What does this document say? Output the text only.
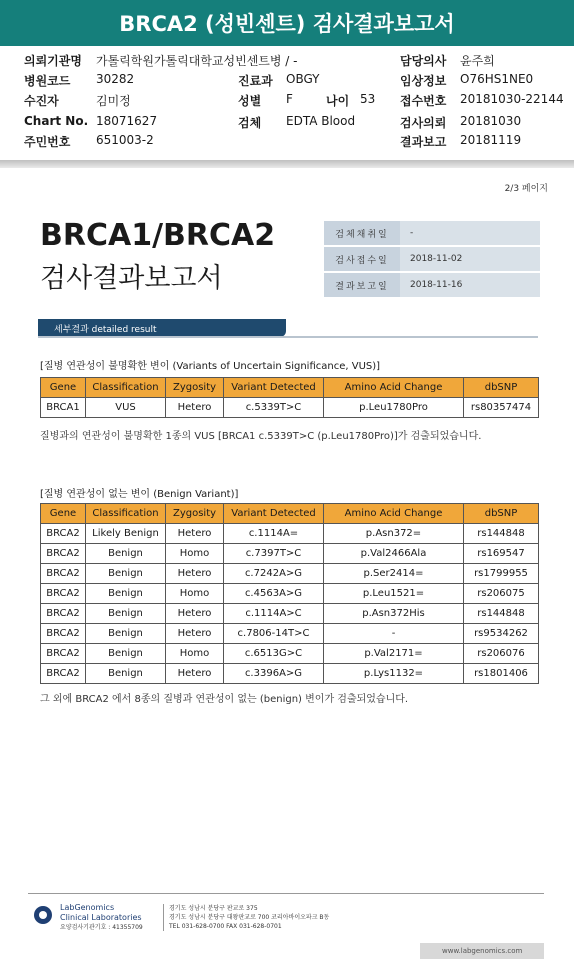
BRCA2 (성빈센트) 검사결과보고서
의뢰기관명 가톨릭학원가톨릭대학교성빈센트병 / -	담당의사 윤주희
병원코드 30282	진료과 OBGY	임상정보 O76HS1NE0
수진자	김미정	성별 F	나이 53 접수번호 20181030-22144
Chart No. 18071627	검체 EDTA Blood	검사의뢰 20181030
주민번호 651003-2	결과보고 20181119
2/3 페이지
BRCA1/BRCA2
검사결과보고서
검체채취일	-
검사접수일	2018-11-02
결과보고일	2018-11-16
세부결과 detailed result
[질병 연관성이 불명확한 변이 (Variants of Uncertain Significance, VUS)]
Gene	Classification	Zygosity	Variant Detected	Amino Acid Change	dbSNP
BRCA1	VUS	Hetero	c.5339T>C	p.Leu1780Pro	rs80357474
질병과의 연관성이 불명확한 1종의 VUS [BRCA1 c.5339T>C (p.Leu1780Pro)]가 검출되었습니다.
[질병 연관성이 없는 변이 (Benign Variant)]
Gene	Classification	Zygosity	Variant Detected	Amino Acid Change	dbSNP
BRCA2	Likely Benign	Hetero	c.1114A=	p.Asn372=	rs144848
BRCA2	Benign	Homo	c.7397T>C	p.Val2466Ala	rs169547
BRCA2	Benign	Hetero	c.7242A>G	p.Ser2414=	rs1799955
BRCA2	Benign	Homo	c.4563A>G	p.Leu1521=	rs206075
BRCA2	Benign	Hetero	c.1114A>C	p.Asn372His	rs144848
BRCA2	Benign	Hetero	c.7806-14T>C	-	rs9534262
BRCA2	Benign	Homo	c.6513G>C	p.Val2171=	rs206076
BRCA2	Benign	Hetero	c.3396A>G	p.Lys1132=	rs1801406
그 외에 BRCA2 에서 8종의 질병과 연관성이 없는 (benign) 변이가 검출되었습니다.
LabGenomics
Clinical Laboratories
요양검사기관기호 : 41355709
경기도 성남시 분당구 판교로 375
경기도 성남시 분당구 대왕판교로 700 코리아바이오파크 B동
TEL 031-628-0700 FAX 031-628-0701
www.labgenomics.com
